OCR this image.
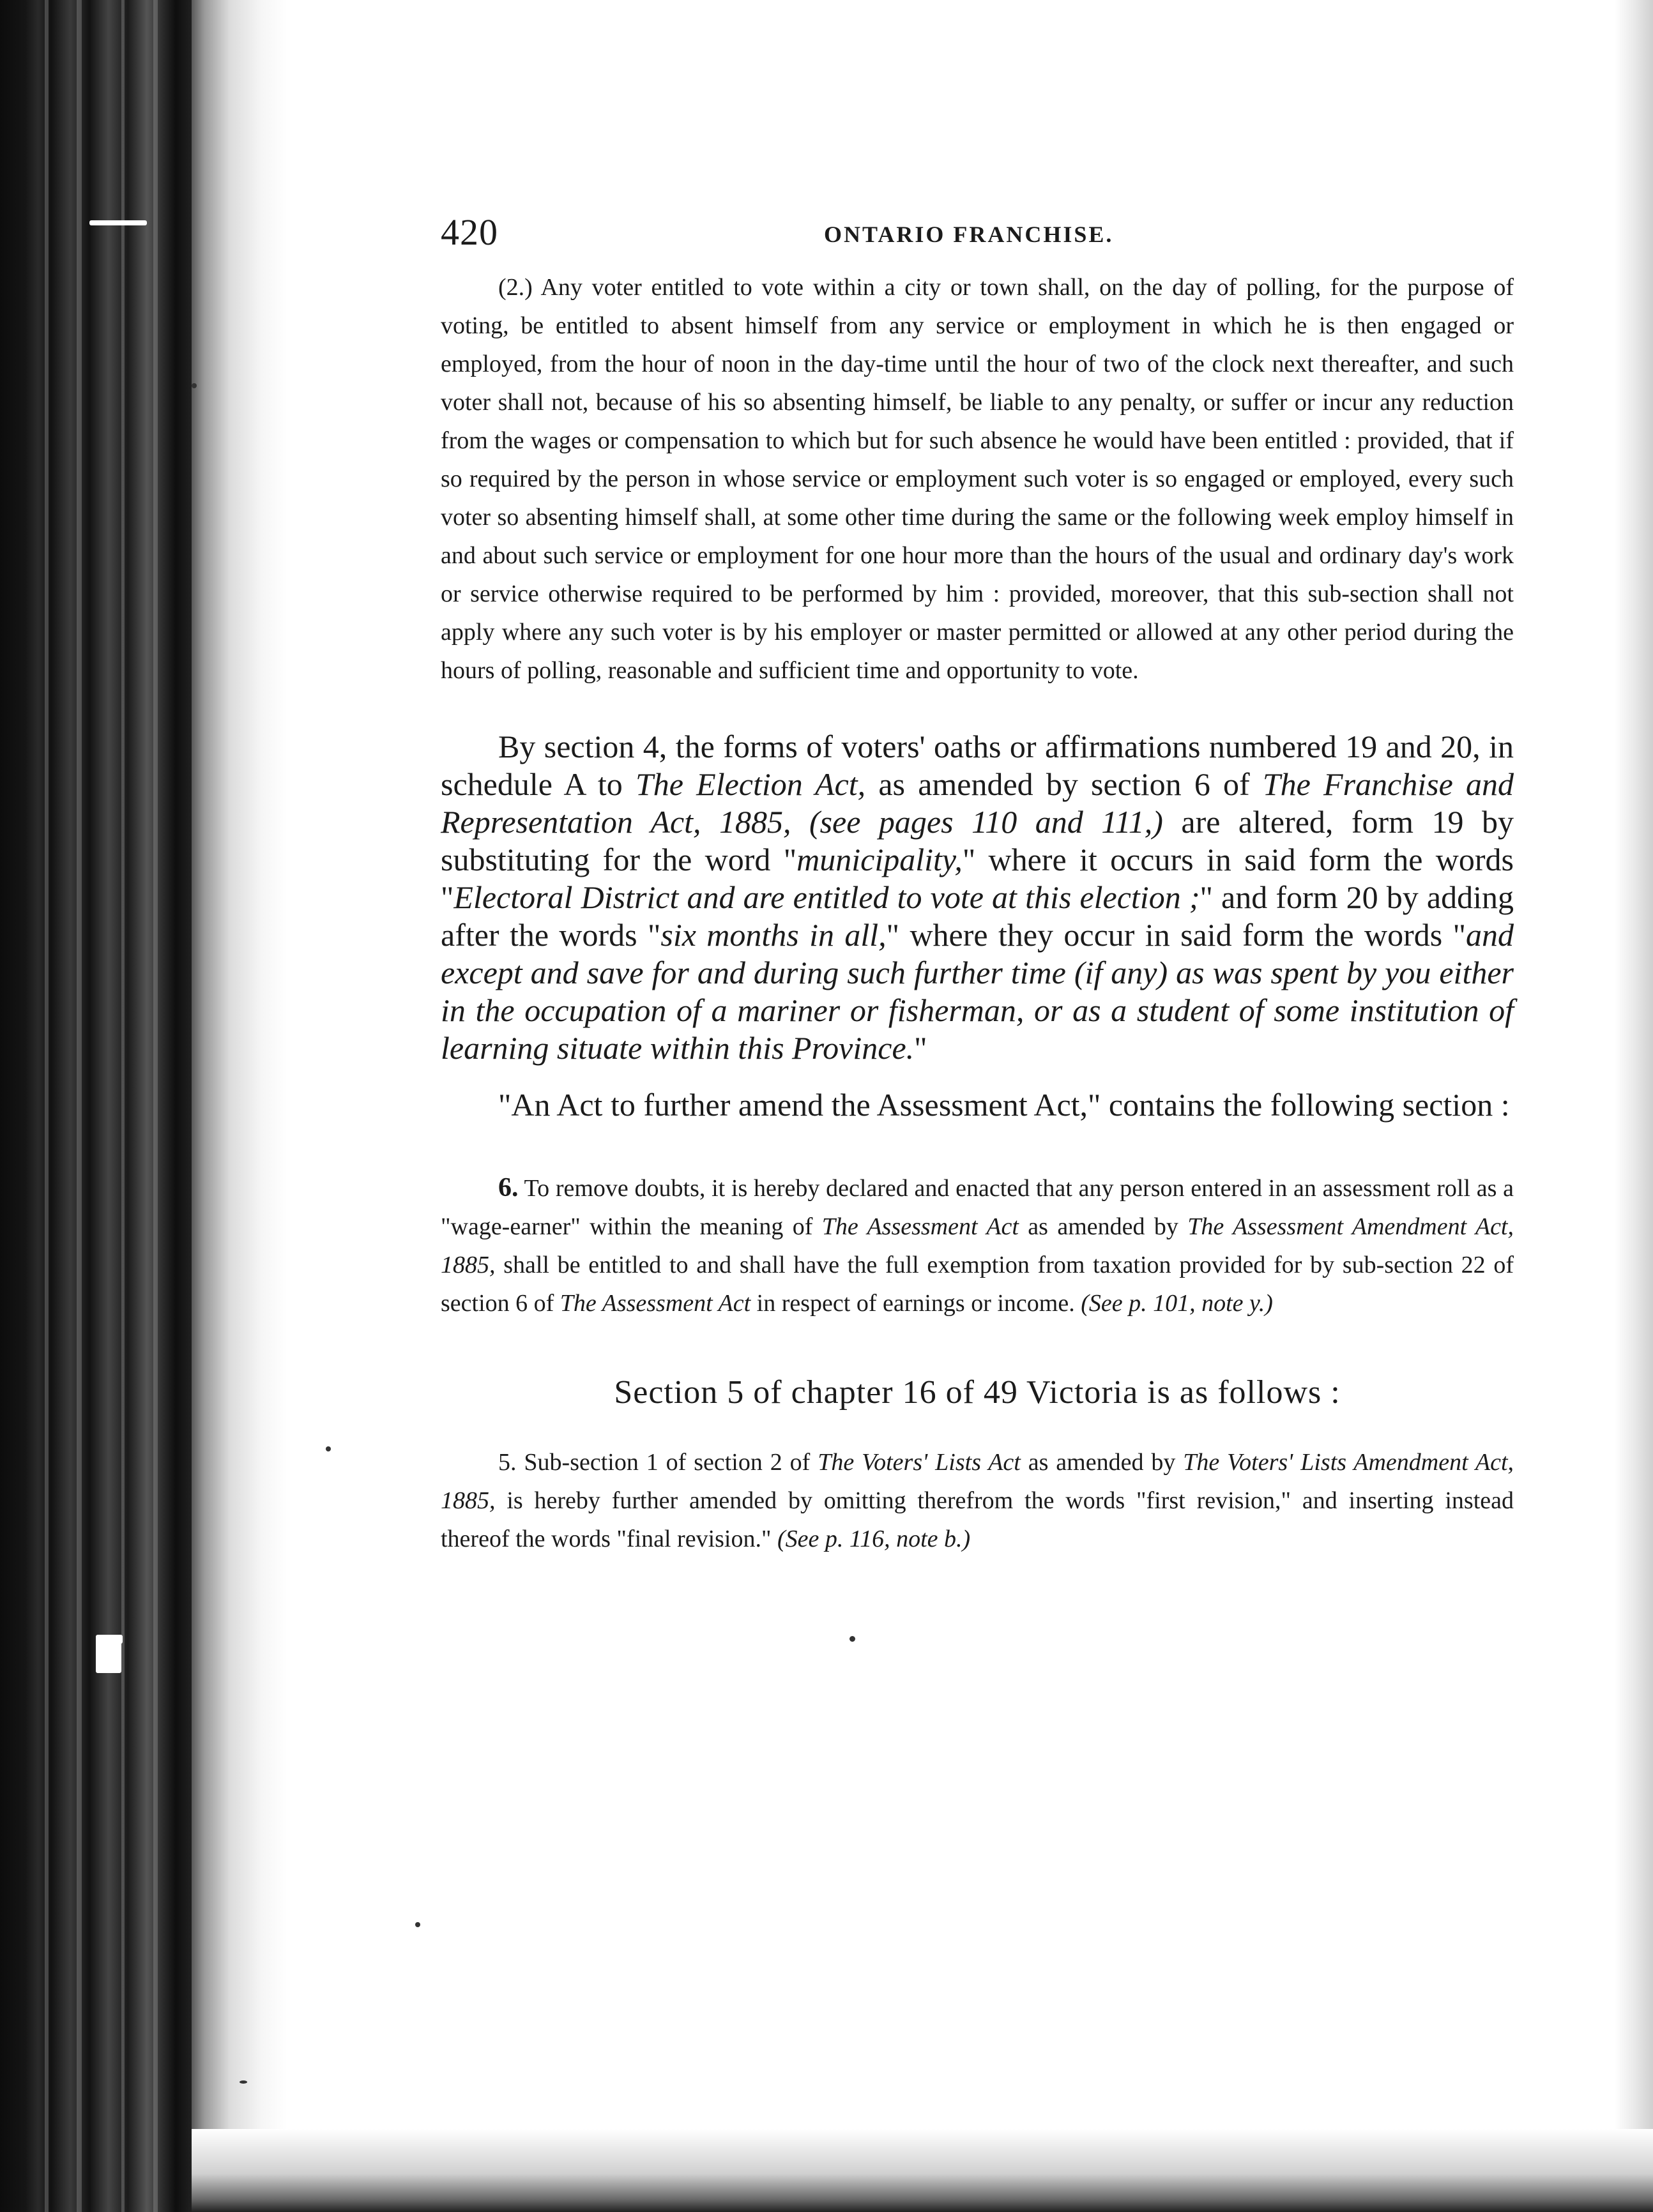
420	ONTARIO FRANCHISE.

(2.) Any voter entitled to vote within a city or town shall, on the day of polling, for the purpose of voting, be entitled to absent himself from any service or employment in which he is then engaged or employed, from the hour of noon in the day-time until the hour of two of the clock next thereafter, and such voter shall not, because of his so absenting himself, be liable to any penalty, or suffer or incur any reduction from the wages or compensation to which but for such absence he would have been entitled : provided, that if so required by the person in whose service or employment such voter is so engaged or employed, every such voter so absenting himself shall, at some other time during the same or the following week employ himself in and about such service or employment for one hour more than the hours of the usual and ordinary day's work or service otherwise required to be performed by him : provided, moreover, that this sub-section shall not apply where any such voter is by his employer or master permitted or allowed at any other period during the hours of polling, reasonable and sufficient time and opportunity to vote.

By section 4, the forms of voters' oaths or affirmations numbered 19 and 20, in schedule A to The Election Act, as amended by section 6 of The Franchise and Representation Act, 1885, (see pages 110 and 111,) are altered, form 19 by substituting for the word "municipality," where it occurs in said form the words "Electoral District and are entitled to vote at this election ;" and form 20 by adding after the words "six months in all," where they occur in said form the words "and except and save for and during such further time (if any) as was spent by you either in the occupation of a mariner or fisherman, or as a student of some institution of learning situate within this Province."

"An Act to further amend the Assessment Act," contains the following section :

6. To remove doubts, it is hereby declared and enacted that any person entered in an assessment roll as a "wage-earner" within the meaning of The Assessment Act as amended by The Assessment Amendment Act, 1885, shall be entitled to and shall have the full exemption from taxation provided for by sub-section 22 of section 6 of The Assessment Act in respect of earnings or income. (See p. 101, note y.)

Section 5 of chapter 16 of 49 Victoria is as follows :

5. Sub-section 1 of section 2 of The Voters' Lists Act as amended by The Voters' Lists Amendment Act, 1885, is hereby further amended by omitting therefrom the words "first revision," and inserting instead thereof the words "final revision." (See p. 116, note b.)
